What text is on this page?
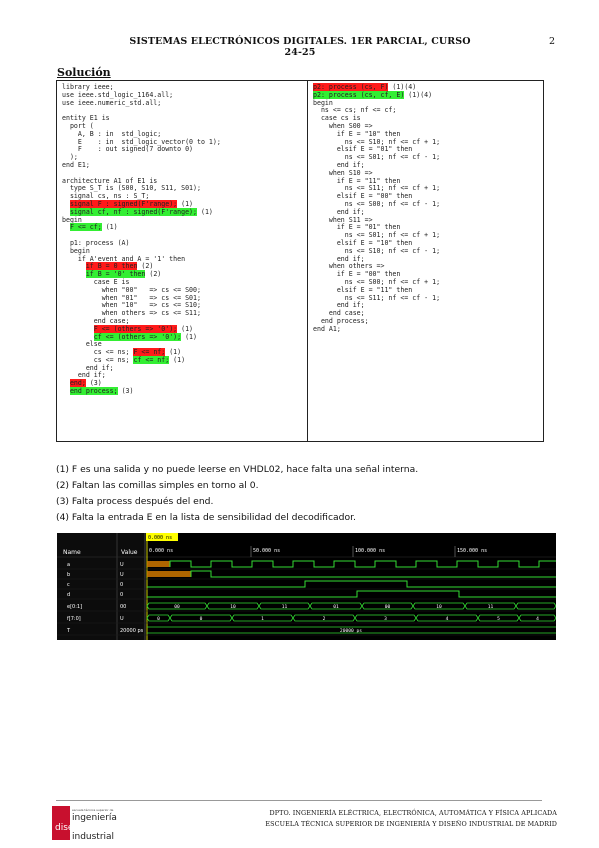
SISTEMAS ELECTRÓNICOS DIGITALES. 1ER PARCIAL, CURSO 24-25
2
Solución
library ieee;
use ieee.std_logic_1164.all;
use ieee.numeric_std.all;
entity E1 is
port (
A, B : in  std_logic;
E    : in  std_logic_vector(0 to 1);
F    : out signed(7 downto 0)
);
end E1;
architecture A1 of E1 is
type S_T is (S00, S10, S11, S01);
signal cs, ns : S_T;
signal F : signed(F'range); (1)
signal cf, nf : signed(F'range); (1)
begin
F <= cf; (1)
p1: process (A)
begin
if A'event and A = '1' then
if B = 0 then (2)
if B = '0' then (2)
case E is
when "00"   => cs <= S00;
when "01"   => cs <= S01;
when "10"   => cs <= S10;
when others => cs <= S11;
end case;
F <= (others => '0'); (1)
cf <= (others => '0'); (1)
else
cs <= ns; F <= nf; (1)
cs <= ns; cf <= nf; (1)
end if;
end if;
end; (3)
end process; (3)
p2: process (cs, F) (1)(4)
p2: process (cs, cf, E) (1)(4)
begin
ns <= cs; nf <= cf;
case cs is
when S00 =>
if E = "10" then
ns <= S10; nf <= cf + 1;
elsif E = "01" then
ns <= S01; nf <= cf - 1;
end if;
when S10 =>
if E = "11" then
ns <= S11; nf <= cf + 1;
elsif E = "00" then
ns <= S00; nf <= cf - 1;
end if;
when S11 =>
if E = "01" then
ns <= S01; nf <= cf + 1;
elsif E = "10" then
ns <= S10; nf <= cf - 1;
end if;
when others =>
if E = "00" then
ns <= S00; nf <= cf + 1;
elsif E = "11" then
ns <= S11; nf <= cf - 1;
end if;
end case;
end process;
end A1;
(1) F es una salida y no puede leerse en VHDL02, hace falta una señal interna.
(2) Faltan las comillas simples en torno al 0.
(3) Falta process después del end.
(4) Falta la entrada E en la lista de sensibilidad del decodificador.
Name	Value
0.000 ns
0.000 ns	50.000 ns	100.000 ns	150.000 ns
a	U
b	U
c	0
d	0
e[0:1]	00
f[7:0]	U
T	20000 ps
00	10	11	01	00	10	11
0	0	1	2	3	4	5	4
20000 ps
escuela técnica superior de
ingeniería
diseño
industrial
DPTO. INGENIERÍA ELÉCTRICA, ELECTRÓNICA, AUTOMÁTICA Y FÍSICA APLICADA
ESCUELA TÉCNICA SUPERIOR DE INGENIERÍA Y DISEÑO INDUSTRIAL DE MADRID
